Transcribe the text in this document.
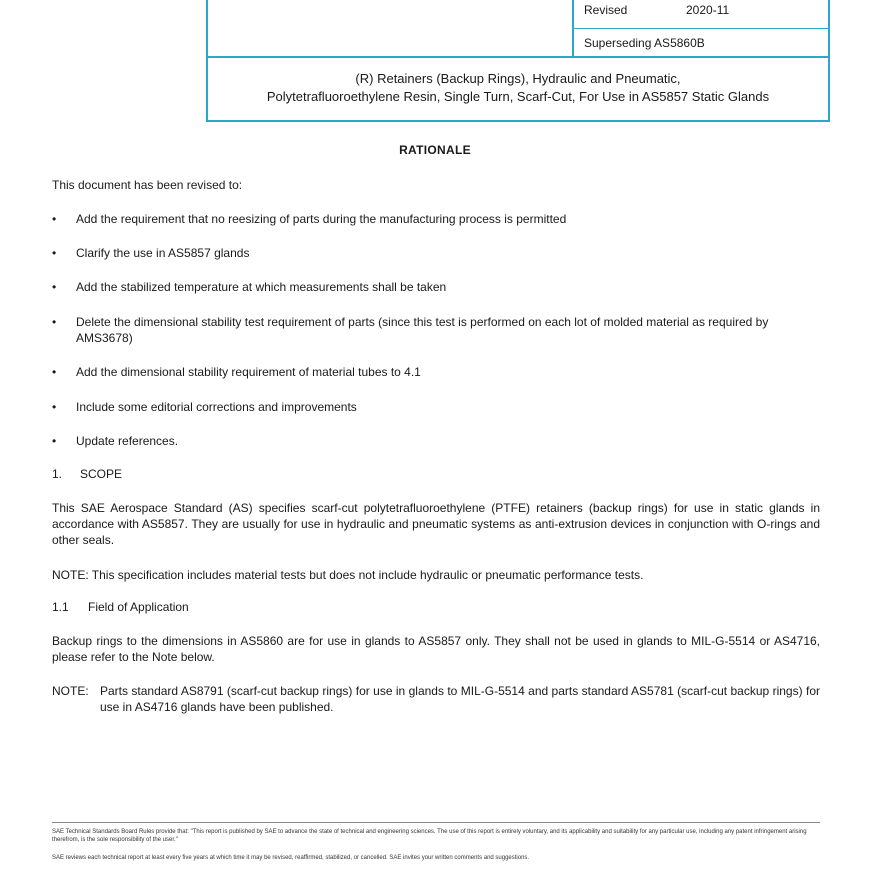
Revised	2020-11
Superseding AS5860B
(R) Retainers (Backup Rings), Hydraulic and Pneumatic,
Polytetrafluoroethylene Resin, Single Turn, Scarf-Cut, For Use in AS5857 Static Glands
RATIONALE
This document has been revised to:
• Add the requirement that no reesizing of parts during the manufacturing process is permitted
• Clarify the use in AS5857 glands
• Add the stabilized temperature at which measurements shall be taken
• Delete the dimensional stability test requirement of parts (since this test is performed on each lot of molded material as required by AMS3678)
• Add the dimensional stability requirement of material tubes to 4.1
• Include some editorial corrections and improvements
• Update references.
1. SCOPE
This SAE Aerospace Standard (AS) specifies scarf-cut polytetrafluoroethylene (PTFE) retainers (backup rings) for use in static glands in accordance with AS5857. They are usually for use in hydraulic and pneumatic systems as anti-extrusion devices in conjunction with O-rings and other seals.
NOTE: This specification includes material tests but does not include hydraulic or pneumatic performance tests.
1.1 Field of Application
Backup rings to the dimensions in AS5860 are for use in glands to AS5857 only. They shall not be used in glands to MIL-G-5514 or AS4716, please refer to the Note below.
NOTE: Parts standard AS8791 (scarf-cut backup rings) for use in glands to MIL-G-5514 and parts standard AS5781 (scarf-cut backup rings) for use in AS4716 glands have been published.
SAE Technical Standards Board Rules provide that: "This report is published by SAE to advance the state of technical and engineering sciences. The use of this report is entirely voluntary, and its applicability and suitability for any particular use, including any patent infringement arising therefrom, is the sole responsibility of the user."
SAE reviews each technical report at least every five years at which time it may be revised, reaffirmed, stabilized, or cancelled. SAE invites your written comments and suggestions.
